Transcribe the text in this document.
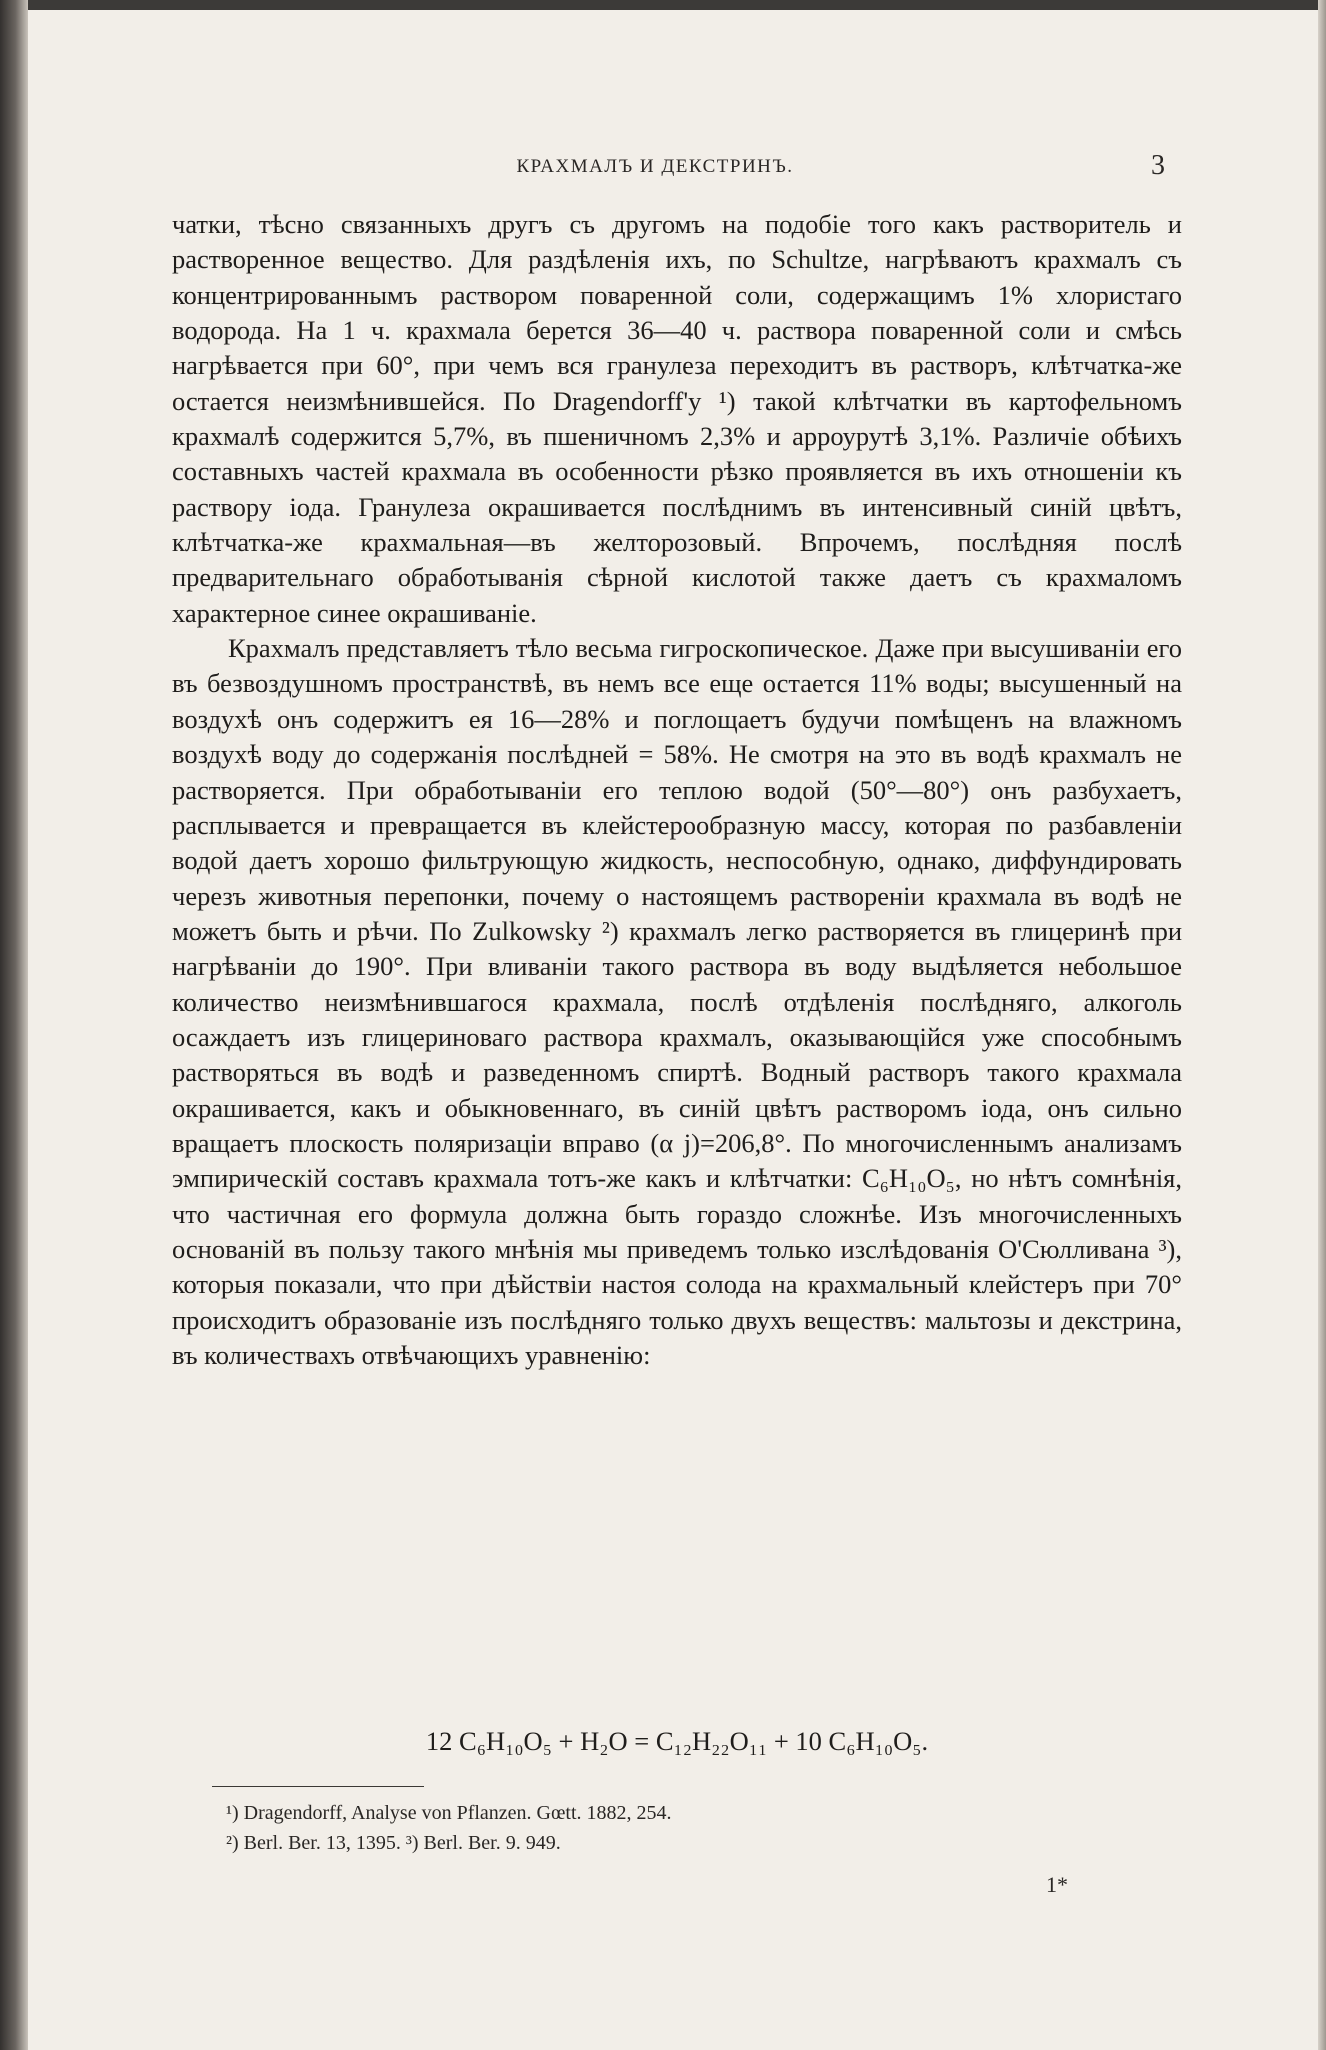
КРАХМАЛЪ И ДЕКСТРИНЪ.	3

чатки, тѣсно связанныхъ другъ съ другомъ на подобіе того какъ растворитель и растворенное вещество. Для раздѣленія ихъ, по Schultze, нагрѣваютъ крахмалъ съ концентрированнымъ раствором поваренной соли, содержащимъ 1% хлористаго водорода. На 1 ч. крахмала берется 36—40 ч. раствора поваренной соли и смѣсь нагрѣвается при 60°, при чемъ вся гранулеза переходитъ въ растворъ, клѣтчатка-же остается неизмѣнившейся. По Dragendorff'у ¹) такой клѣтчатки въ картофельномъ крахмалѣ содержится 5,7%, въ пшеничномъ 2,3% и арроурутѣ 3,1%. Различіе обѣихъ составныхъ частей крахмала въ особенности рѣзко проявляется въ ихъ отношеніи къ раствору іода. Гранулеза окрашивается послѣднимъ въ интенсивный синій цвѣтъ, клѣтчатка-же крахмальная—въ желторозовый. Впрочемъ, послѣдняя послѣ предварительнаго обработыванія сѣрной кислотой также даетъ съ крахмаломъ характерное синее окрашиваніе.

Крахмалъ представляетъ тѣло весьма гигроскопическое. Даже при высушиваніи его въ безвоздушномъ пространствѣ, въ немъ все еще остается 11% воды; высушенный на воздухѣ онъ содержитъ ея 16—28% и поглощаетъ будучи помѣщенъ на влажномъ воздухѣ воду до содержанія послѣдней = 58%. Не смотря на это въ водѣ крахмалъ не растворяется. При обработываніи его теплою водой (50°—80°) онъ разбухаетъ, расплывается и превращается въ клейстерообразную массу, которая по разбавленіи водой даетъ хорошо фильтрующую жидкость, неспособную, однако, диффундировать черезъ животныя перепонки, почему о настоящемъ раствореніи крахмала въ водѣ не можетъ быть и рѣчи. По Zulkowsky ²) крахмалъ легко растворяется въ глицеринѣ при нагрѣваніи до 190°. При вливаніи такого раствора въ воду выдѣляется небольшое количество неизмѣнившагося крахмала, послѣ отдѣленія послѣдняго, алкоголь осаждаетъ изъ глицериноваго раствора крахмалъ, оказывающійся уже способнымъ растворяться въ водѣ и разведенномъ спиртѣ. Водный растворъ такого крахмала окрашивается, какъ и обыкновеннаго, въ синій цвѣтъ растворомъ іода, онъ сильно вращаетъ плоскость поляризаціи вправо (α j)=206,8°. По многочисленнымъ анализамъ эмпирическій составъ крахмала тотъ-же какъ и клѣтчатки: C₆H₁₀O₅, но нѣтъ сомнѣнія, что частичная его формула должна быть гораздо сложнѣе. Изъ многочисленныхъ основаній въ пользу такого мнѣнія мы приведемъ только изслѣдованія О'Сюлливана ³), которыя показали, что при дѣйствіи настоя солода на крахмальный клейстеръ при 70° происходитъ образованіе изъ послѣдняго только двухъ веществъ: мальтозы и декстрина, въ количествахъ отвѣчающихъ уравненію:

12 C₆H₁₀O₅ + H₂O = C₁₂H₂₂O₁₁ + 10 C₆H₁₀O₅.
¹) Dragendorff, Analyse von Pflanzen. Gœtt. 1882, 254.
²) Berl. Ber. 13, 1395. ³) Berl. Ber. 9. 949.
1*
